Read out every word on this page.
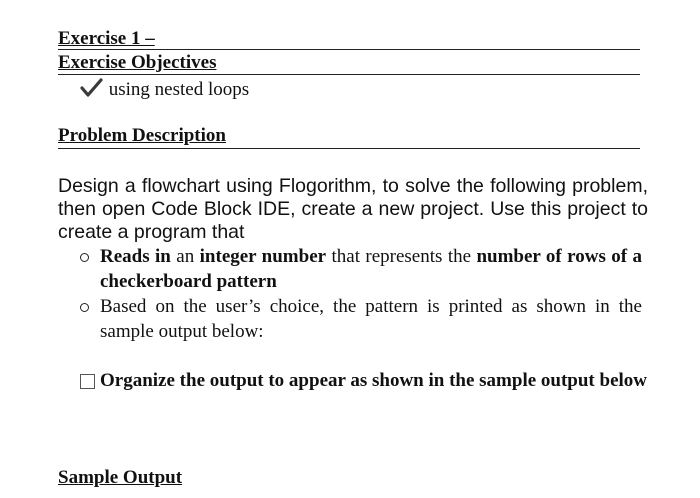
Exercise 1 –
Exercise Objectives
using nested loops
Problem Description
Design a flowchart using Flogorithm, to solve the following problem, then open Code Block IDE, create a new project. Use this project to create a program that
Reads in an integer number that represents the number of rows of a checkerboard pattern
Based on the user’s choice, the pattern is printed as shown in the sample output below:
Organize the output to appear as shown in the sample output below
Sample Output
